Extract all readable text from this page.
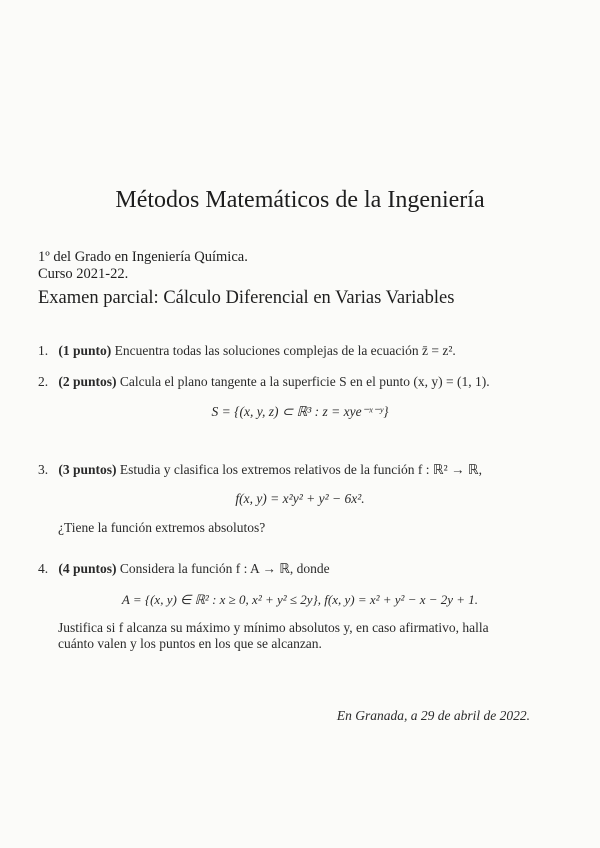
Métodos Matemáticos de la Ingeniería
1º del Grado en Ingeniería Química.
Curso 2021-22.
Examen parcial: Cálculo Diferencial en Varias Variables
1. (1 punto) Encuentra todas las soluciones complejas de la ecuación z̄ = z².
2. (2 puntos) Calcula el plano tangente a la superficie S en el punto (x, y) = (1, 1).
S = {(x, y, z) ⊂ ℝ³ : z = xye⁻ˣ⁻ʸ}
3. (3 puntos) Estudia y clasifica los extremos relativos de la función f : ℝ² → ℝ,
f(x, y) = x²y² + y² − 6x².
¿Tiene la función extremos absolutos?
4. (4 puntos) Considera la función f : A → ℝ, donde
A = {(x, y) ∈ ℝ² : x ≥ 0, x² + y² ≤ 2y}, f(x, y) = x² + y² − x − 2y + 1.
Justifica si f alcanza su máximo y mínimo absolutos y, en caso afirmativo, halla
cuánto valen y los puntos en los que se alcanzan.
En Granada, a 29 de abril de 2022.
